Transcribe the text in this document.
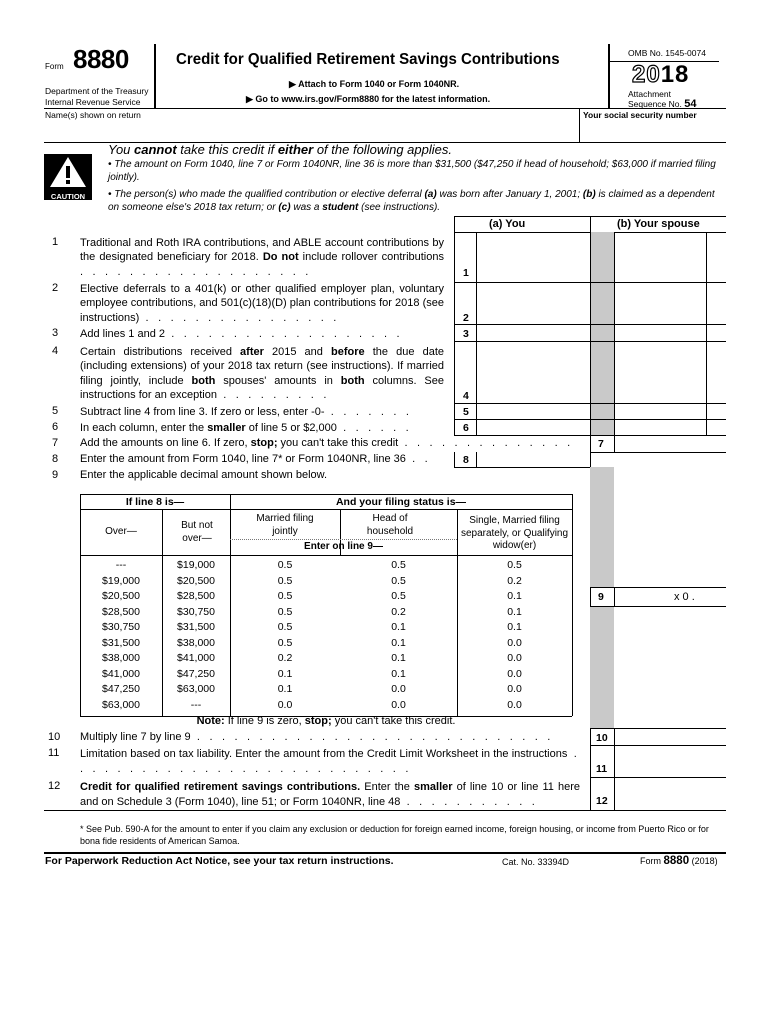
Form 8880
Department of the Treasury
Internal Revenue Service
Credit for Qualified Retirement Savings Contributions
▶ Attach to Form 1040 or Form 1040NR.
▶ Go to www.irs.gov/Form8880 for the latest information.
OMB No. 1545-0074
2018
Attachment
Sequence No. 54
Name(s) shown on return	Your social security number
CAUTION
You cannot take this credit if either of the following applies.
• The amount on Form 1040, line 7 or Form 1040NR, line 36 is more than $31,500 ($47,250 if head of household; $63,000 if married filing jointly).
• The person(s) who made the qualified contribution or elective deferral (a) was born after January 1, 2001; (b) is claimed as a dependent on someone else's 2018 tax return; or (c) was a student (see instructions).
(a) You	(b) Your spouse
1 Traditional and Roth IRA contributions, and ABLE account contributions by the designated beneficiary for 2018. Do not include rollover contributions . . . . . . . . . . . . . . . . . . .	1
2 Elective deferrals to a 401(k) or other qualified employer plan, voluntary employee contributions, and 501(c)(18)(D) plan contributions for 2018 (see instructions) . . . . . . . . . . . . . . . .	2
3 Add lines 1 and 2 . . . . . . . . . . . . . . . . . . .	3
4 Certain distributions received after 2015 and before the due date (including extensions) of your 2018 tax return (see instructions). If married filing jointly, include both spouses' amounts in both columns. See instructions for an exception . . . . . . . . .	4
5 Subtract line 4 from line 3. If zero or less, enter -0- . . . . . . .	5
6 In each column, enter the smaller of line 5 or $2,000 . . . . . .	6
7 Add the amounts on line 6. If zero, stop; you can't take this credit . . . . . . . . . . . . . .	7
8 Enter the amount from Form 1040, line 7* or Form 1040NR, line 36 . .	8
9 Enter the applicable decimal amount shown below.
If line 8 is—	And your filing status is—
Over—
But not over—
Married filing jointly
Head of household
Single, Married filing separately, or Qualifying widow(er)
Enter on line 9—
---	$19,000	0.5	0.5	0.5
$19,000	$20,500	0.5	0.5	0.2
$20,500	$28,500	0.5	0.5	0.1
$28,500	$30,750	0.5	0.2	0.1
$30,750	$31,500	0.5	0.1	0.1
$31,500	$38,000	0.5	0.1	0.0
$38,000	$41,000	0.2	0.1	0.0
$41,000	$47,250	0.1	0.1	0.0
$47,250	$63,000	0.1	0.0	0.0
$63,000	---	0.0	0.0	0.0
Note: If line 9 is zero, stop; you can't take this credit.
9	x 0 .
10 Multiply line 7 by line 9 . . . . . . . . . . . . . . . . . . . . . . . . . . . . .	10
11 Limitation based on tax liability. Enter the amount from the Credit Limit Worksheet in the instructions . . . . . . . . . . . . . . . . . . . . . . . . . . . .	11
12 Credit for qualified retirement savings contributions. Enter the smaller of line 10 or line 11 here and on Schedule 3 (Form 1040), line 51; or Form 1040NR, line 48 . . . . . . . . . . .	12
* See Pub. 590-A for the amount to enter if you claim any exclusion or deduction for foreign earned income, foreign housing, or income from Puerto Rico or for bona fide residents of American Samoa.
For Paperwork Reduction Act Notice, see your tax return instructions.	Cat. No. 33394D	Form 8880 (2018)
